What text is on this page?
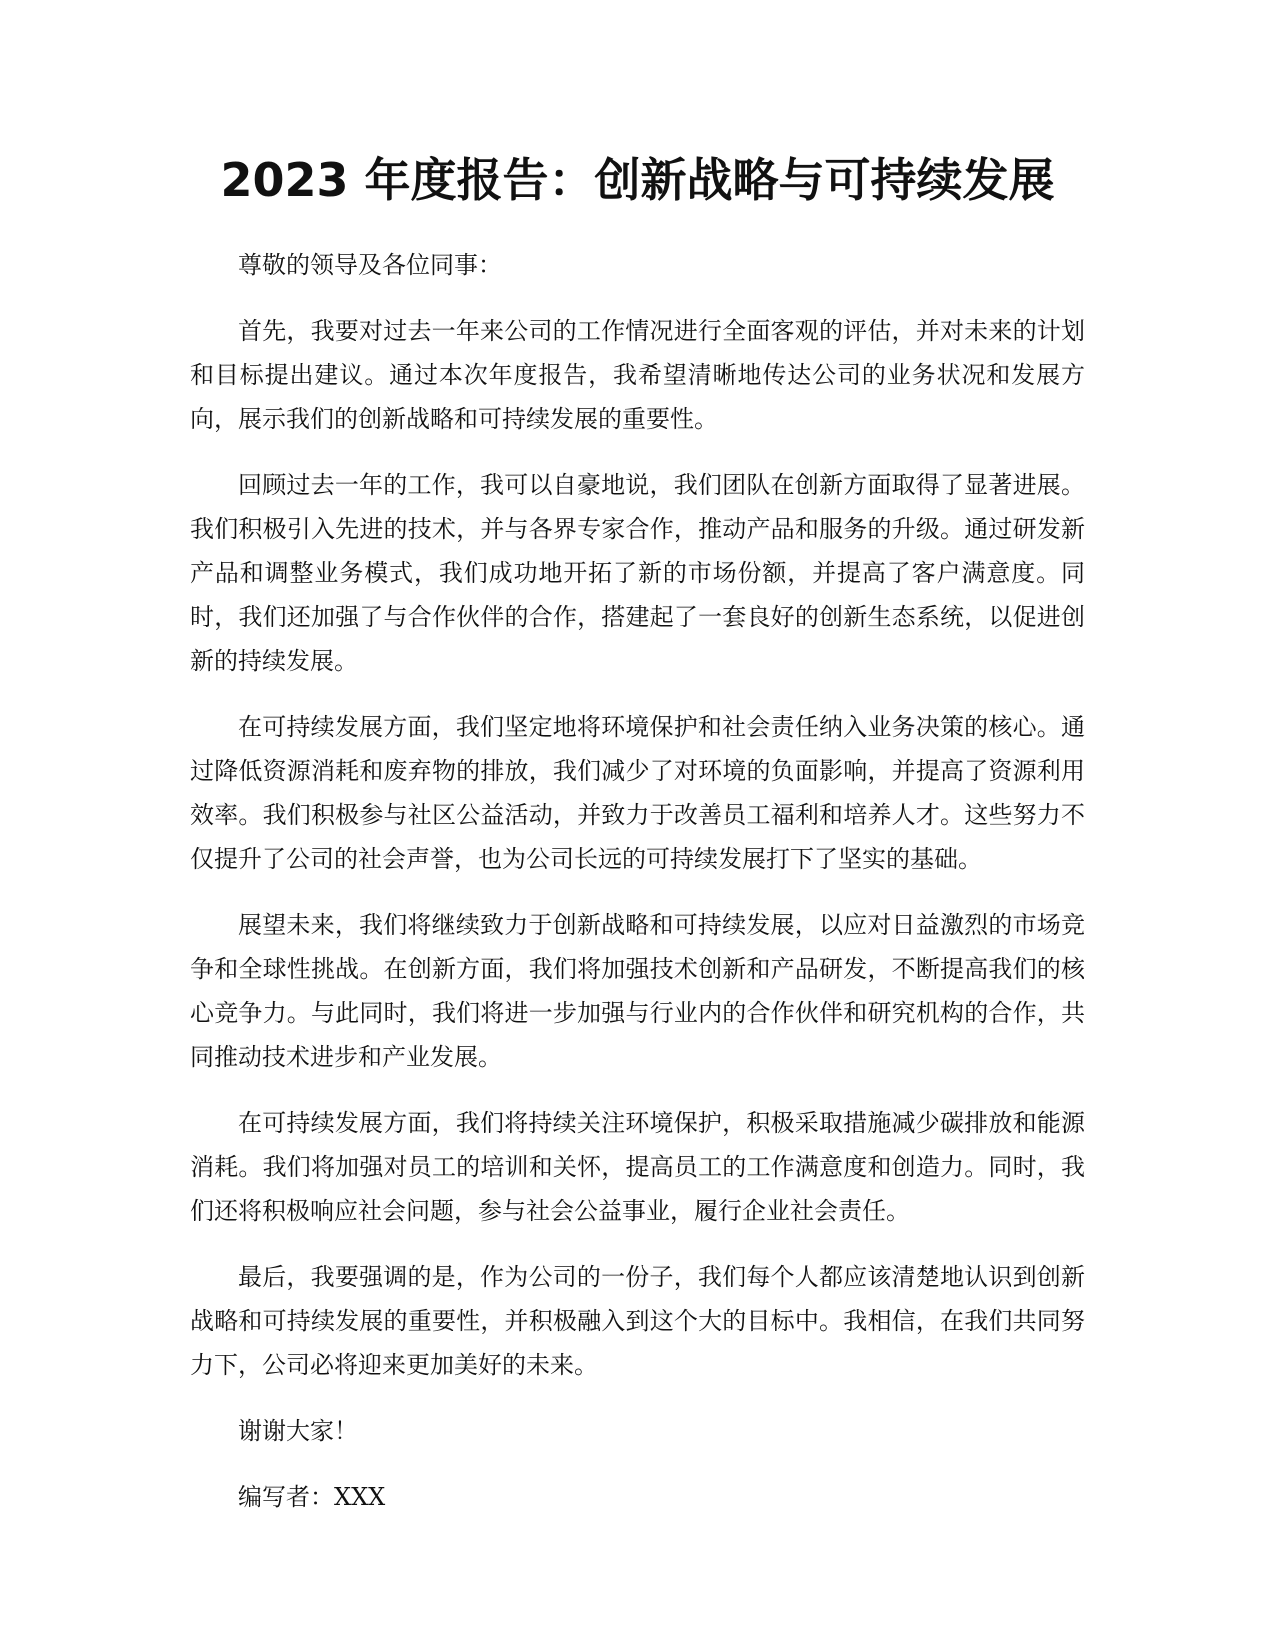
2023 年度报告：创新战略与可持续发展

尊敬的领导及各位同事：

首先，我要对过去一年来公司的工作情况进行全面客观的评估，并对未来的计划和目标提出建议。通过本次年度报告，我希望清晰地传达公司的业务状况和发展方向，展示我们的创新战略和可持续发展的重要性。

回顾过去一年的工作，我可以自豪地说，我们团队在创新方面取得了显著进展。我们积极引入先进的技术，并与各界专家合作，推动产品和服务的升级。通过研发新产品和调整业务模式，我们成功地开拓了新的市场份额，并提高了客户满意度。同时，我们还加强了与合作伙伴的合作，搭建起了一套良好的创新生态系统，以促进创新的持续发展。

在可持续发展方面，我们坚定地将环境保护和社会责任纳入业务决策的核心。通过降低资源消耗和废弃物的排放，我们减少了对环境的负面影响，并提高了资源利用效率。我们积极参与社区公益活动，并致力于改善员工福利和培养人才。这些努力不仅提升了公司的社会声誉，也为公司长远的可持续发展打下了坚实的基础。

展望未来，我们将继续致力于创新战略和可持续发展，以应对日益激烈的市场竞争和全球性挑战。在创新方面，我们将加强技术创新和产品研发，不断提高我们的核心竞争力。与此同时，我们将进一步加强与行业内的合作伙伴和研究机构的合作，共同推动技术进步和产业发展。

在可持续发展方面，我们将持续关注环境保护，积极采取措施减少碳排放和能源消耗。我们将加强对员工的培训和关怀，提高员工的工作满意度和创造力。同时，我们还将积极响应社会问题，参与社会公益事业，履行企业社会责任。

最后，我要强调的是，作为公司的一份子，我们每个人都应该清楚地认识到创新战略和可持续发展的重要性，并积极融入到这个大的目标中。我相信，在我们共同努力下，公司必将迎来更加美好的未来。

谢谢大家！

编写者：XXX
